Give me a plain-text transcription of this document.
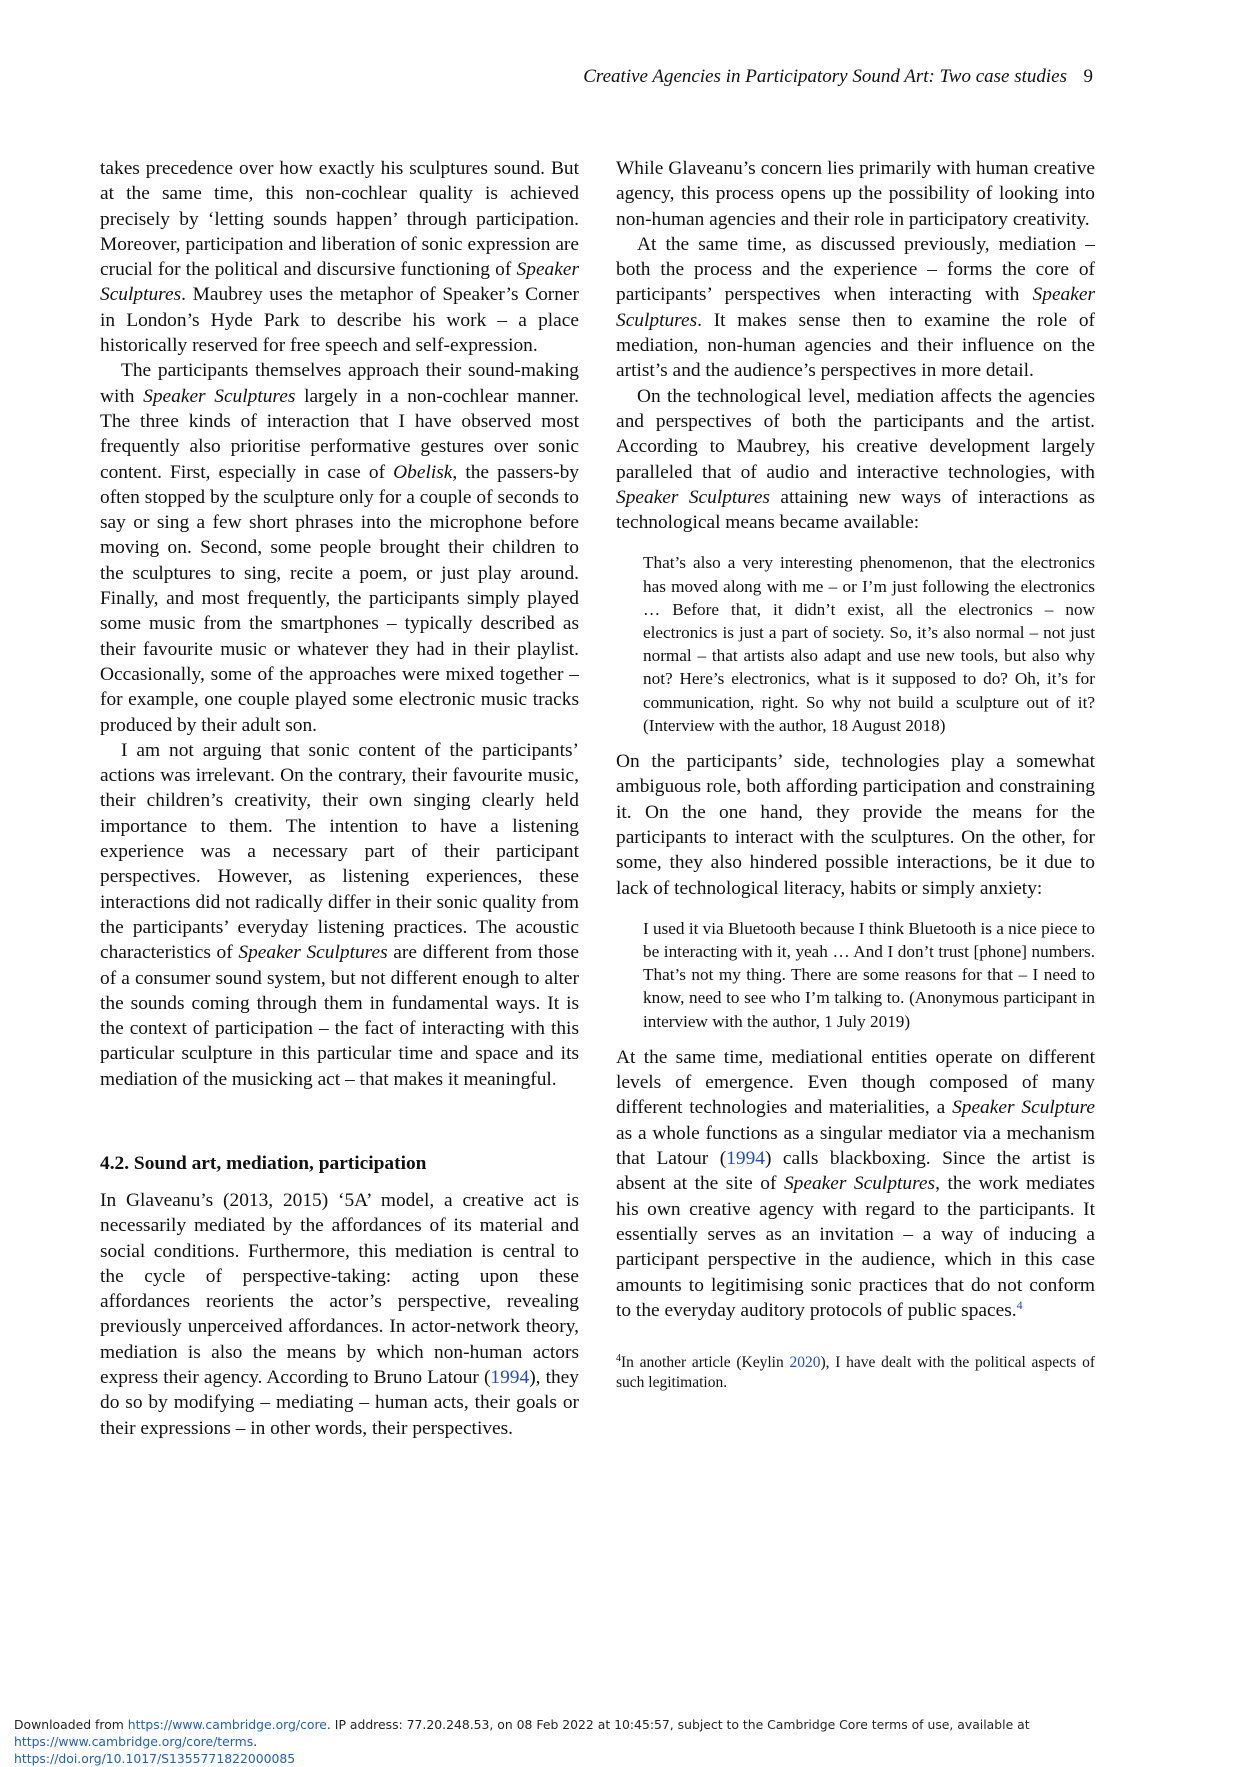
Creative Agencies in Participatory Sound Art: Two case studies 9

takes precedence over how exactly his sculptures sound. But at the same time, this non-cochlear quality is achieved precisely by ‘letting sounds happen’ through participation. Moreover, participation and liberation of sonic expression are crucial for the political and discursive functioning of Speaker Sculptures. Maubrey uses the metaphor of Speaker’s Corner in London’s Hyde Park to describe his work – a place historically reserved for free speech and self-expression.

The participants themselves approach their sound-making with Speaker Sculptures largely in a non-cochlear manner. The three kinds of interaction that I have observed most frequently also prioritise performative gestures over sonic content. First, especially in case of Obelisk, the passers-by often stopped by the sculpture only for a couple of seconds to say or sing a few short phrases into the microphone before moving on. Second, some people brought their children to the sculptures to sing, recite a poem, or just play around. Finally, and most frequently, the participants simply played some music from the smartphones – typically described as their favourite music or whatever they had in their playlist. Occasionally, some of the approaches were mixed together – for example, one couple played some electronic music tracks produced by their adult son.

I am not arguing that sonic content of the participants’ actions was irrelevant. On the contrary, their favourite music, their children’s creativity, their own singing clearly held importance to them. The intention to have a listening experience was a necessary part of their participant perspectives. However, as listening experiences, these interactions did not radically differ in their sonic quality from the participants’ everyday listening practices. The acoustic characteristics of Speaker Sculptures are different from those of a consumer sound system, but not different enough to alter the sounds coming through them in fundamental ways. It is the context of participation – the fact of interacting with this particular sculpture in this particular time and space and its mediation of the musicking act – that makes it meaningful.

4.2. Sound art, mediation, participation

In Glaveanu’s (2013, 2015) ‘5A’ model, a creative act is necessarily mediated by the affordances of its material and social conditions. Furthermore, this mediation is central to the cycle of perspective-taking: acting upon these affordances reorients the actor’s perspective, revealing previously unperceived affordances. In actor-network theory, mediation is also the means by which non-human actors express their agency. According to Bruno Latour (1994), they do so by modifying – mediating – human acts, their goals or their expressions – in other words, their perspectives.

While Glaveanu’s concern lies primarily with human creative agency, this process opens up the possibility of looking into non-human agencies and their role in participatory creativity.

At the same time, as discussed previously, mediation – both the process and the experience – forms the core of participants’ perspectives when interacting with Speaker Sculptures. It makes sense then to examine the role of mediation, non-human agencies and their influence on the artist’s and the audience’s perspectives in more detail.

On the technological level, mediation affects the agencies and perspectives of both the participants and the artist. According to Maubrey, his creative development largely paralleled that of audio and interactive technologies, with Speaker Sculptures attaining new ways of interactions as technological means became available:

That’s also a very interesting phenomenon, that the electronics has moved along with me – or I’m just following the electronics … Before that, it didn’t exist, all the electronics – now electronics is just a part of society. So, it’s also normal – not just normal – that artists also adapt and use new tools, but also why not? Here’s electronics, what is it supposed to do? Oh, it’s for communication, right. So why not build a sculpture out of it? (Interview with the author, 18 August 2018)

On the participants’ side, technologies play a somewhat ambiguous role, both affording participation and constraining it. On the one hand, they provide the means for the participants to interact with the sculptures. On the other, for some, they also hindered possible interactions, be it due to lack of technological literacy, habits or simply anxiety:

I used it via Bluetooth because I think Bluetooth is a nice piece to be interacting with it, yeah … And I don’t trust [phone] numbers. That’s not my thing. There are some reasons for that – I need to know, need to see who I’m talking to. (Anonymous participant in interview with the author, 1 July 2019)

At the same time, mediational entities operate on different levels of emergence. Even though composed of many different technologies and materialities, a Speaker Sculpture as a whole functions as a singular mediator via a mechanism that Latour (1994) calls blackboxing. Since the artist is absent at the site of Speaker Sculptures, the work mediates his own creative agency with regard to the participants. It essentially serves as an invitation – a way of inducing a participant perspective in the audience, which in this case amounts to legitimising sonic practices that do not conform to the everyday auditory protocols of public spaces.$^4$

$^4$In another article (Keylin 2020), I have dealt with the political aspects of such legitimation.
Downloaded from https://www.cambridge.org/core. IP address: 77.20.248.53, on 08 Feb 2022 at 10:45:57, subject to the Cambridge Core terms of use, available at https://www.cambridge.org/core/terms.
https://doi.org/10.1017/S1355771822000085
